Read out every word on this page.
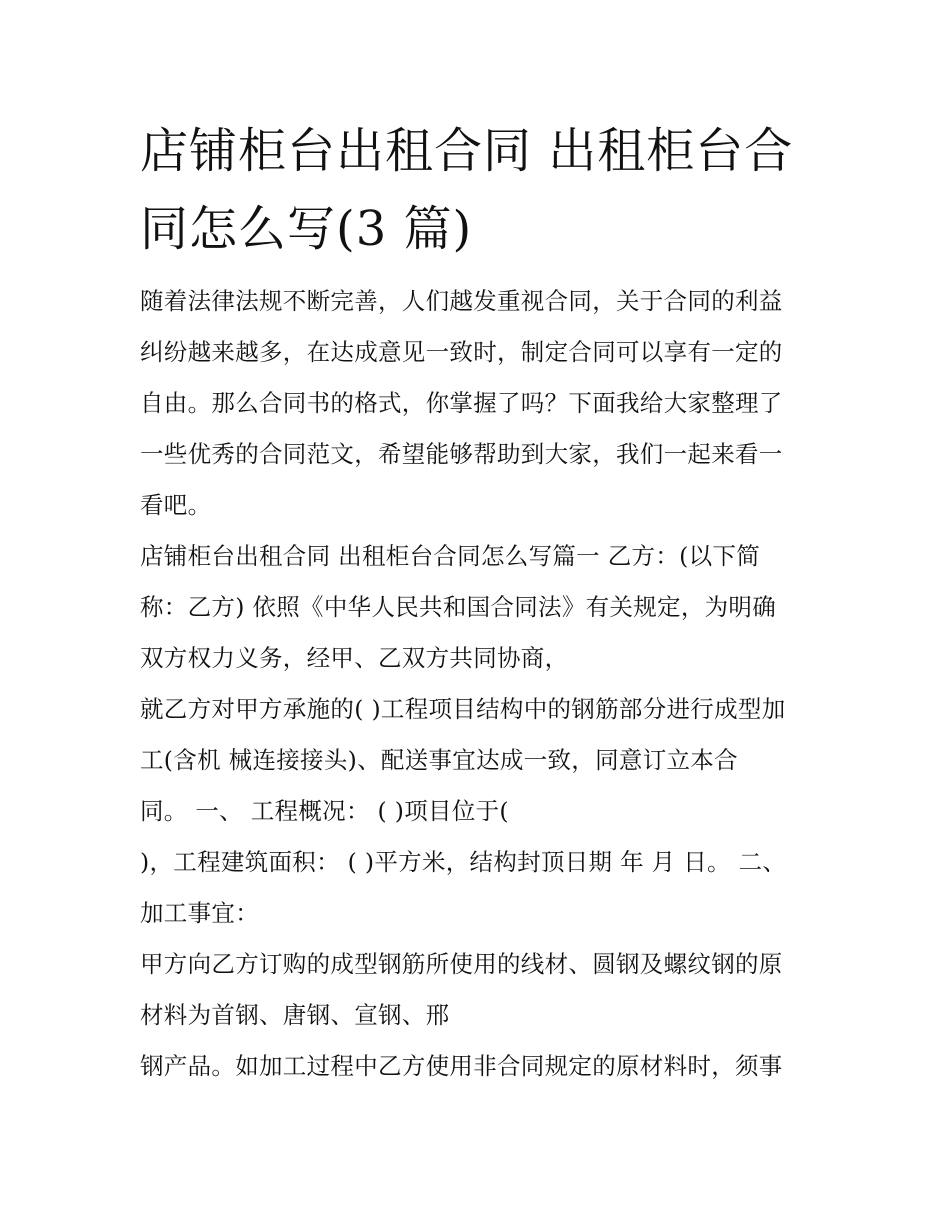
店铺柜台出租合同 出租柜台合
同怎么写(3 篇)
随着法律法规不断完善，人们越发重视合同，关于合同的利益
纠纷越来越多，在达成意见一致时，制定合同可以享有一定的
自由。那么合同书的格式，你掌握了吗？下面我给大家整理了
一些优秀的合同范文，希望能够帮助到大家，我们一起来看一
看吧。
店铺柜台出租合同 出租柜台合同怎么写篇一 乙方：(以下简
称：乙方) 依照《中华人民共和国合同法》有关规定，为明确
双方权力义务，经甲、乙双方共同协商，
就乙方对甲方承施的( )工程项目结构中的钢筋部分进行成型加
工(含机 械连接接头)、配送事宜达成一致，同意订立本合
同。 一、 工程概况： ( )项目位于(
)，工程建筑面积： ( )平方米，结构封顶日期 年 月 日。 二、
加工事宜：
甲方向乙方订购的成型钢筋所使用的线材、圆钢及螺纹钢的原
材料为首钢、唐钢、宣钢、邢
钢产品。如加工过程中乙方使用非合同规定的原材料时，须事
